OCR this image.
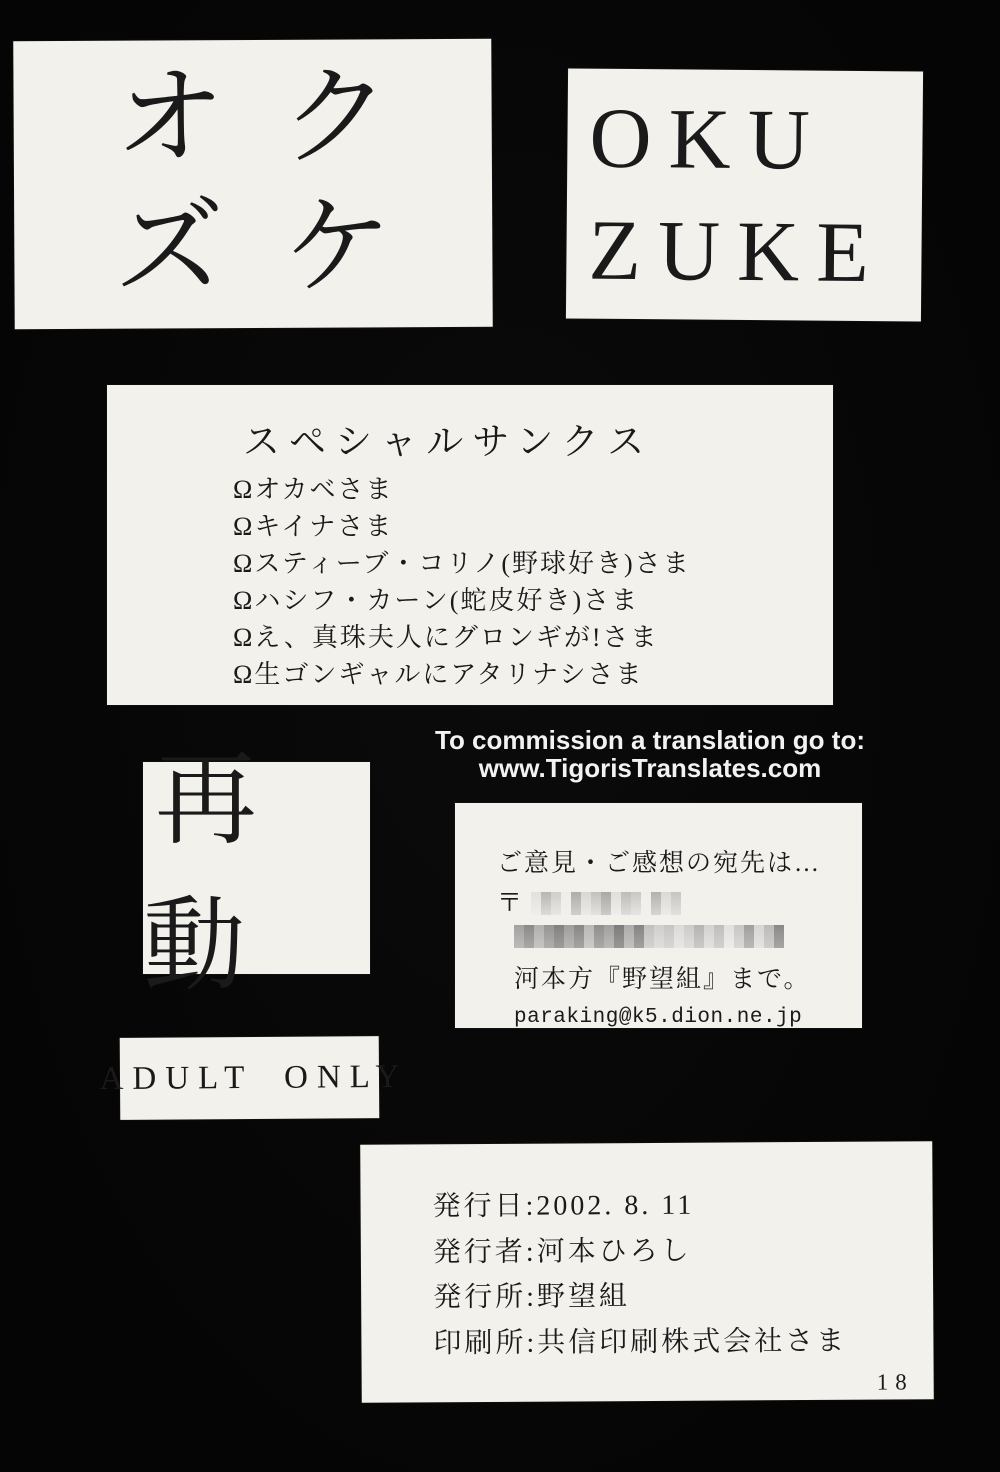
オク
ズケ
OKU
ZUKE
スペシャルサンクス
Ωオカベさま
Ωキイナさま
Ωスティーブ・コリノ(野球好き)さま
Ωハシフ・カーン(蛇皮好き)さま
Ωえ、真珠夫人にグロンギが!さま
Ω生ゴンギャルにアタリナシさま
To commission a translation go to:
www.TigorisTranslates.com
再動
ご意見・ご感想の宛先は…
〒
河本方『野望組』まで。
paraking@k5.dion.ne.jp
ADULT ONLY
発行日:2002. 8. 11
発行者:河本ひろし
発行所:野望組
印刷所:共信印刷株式会社さま
18
